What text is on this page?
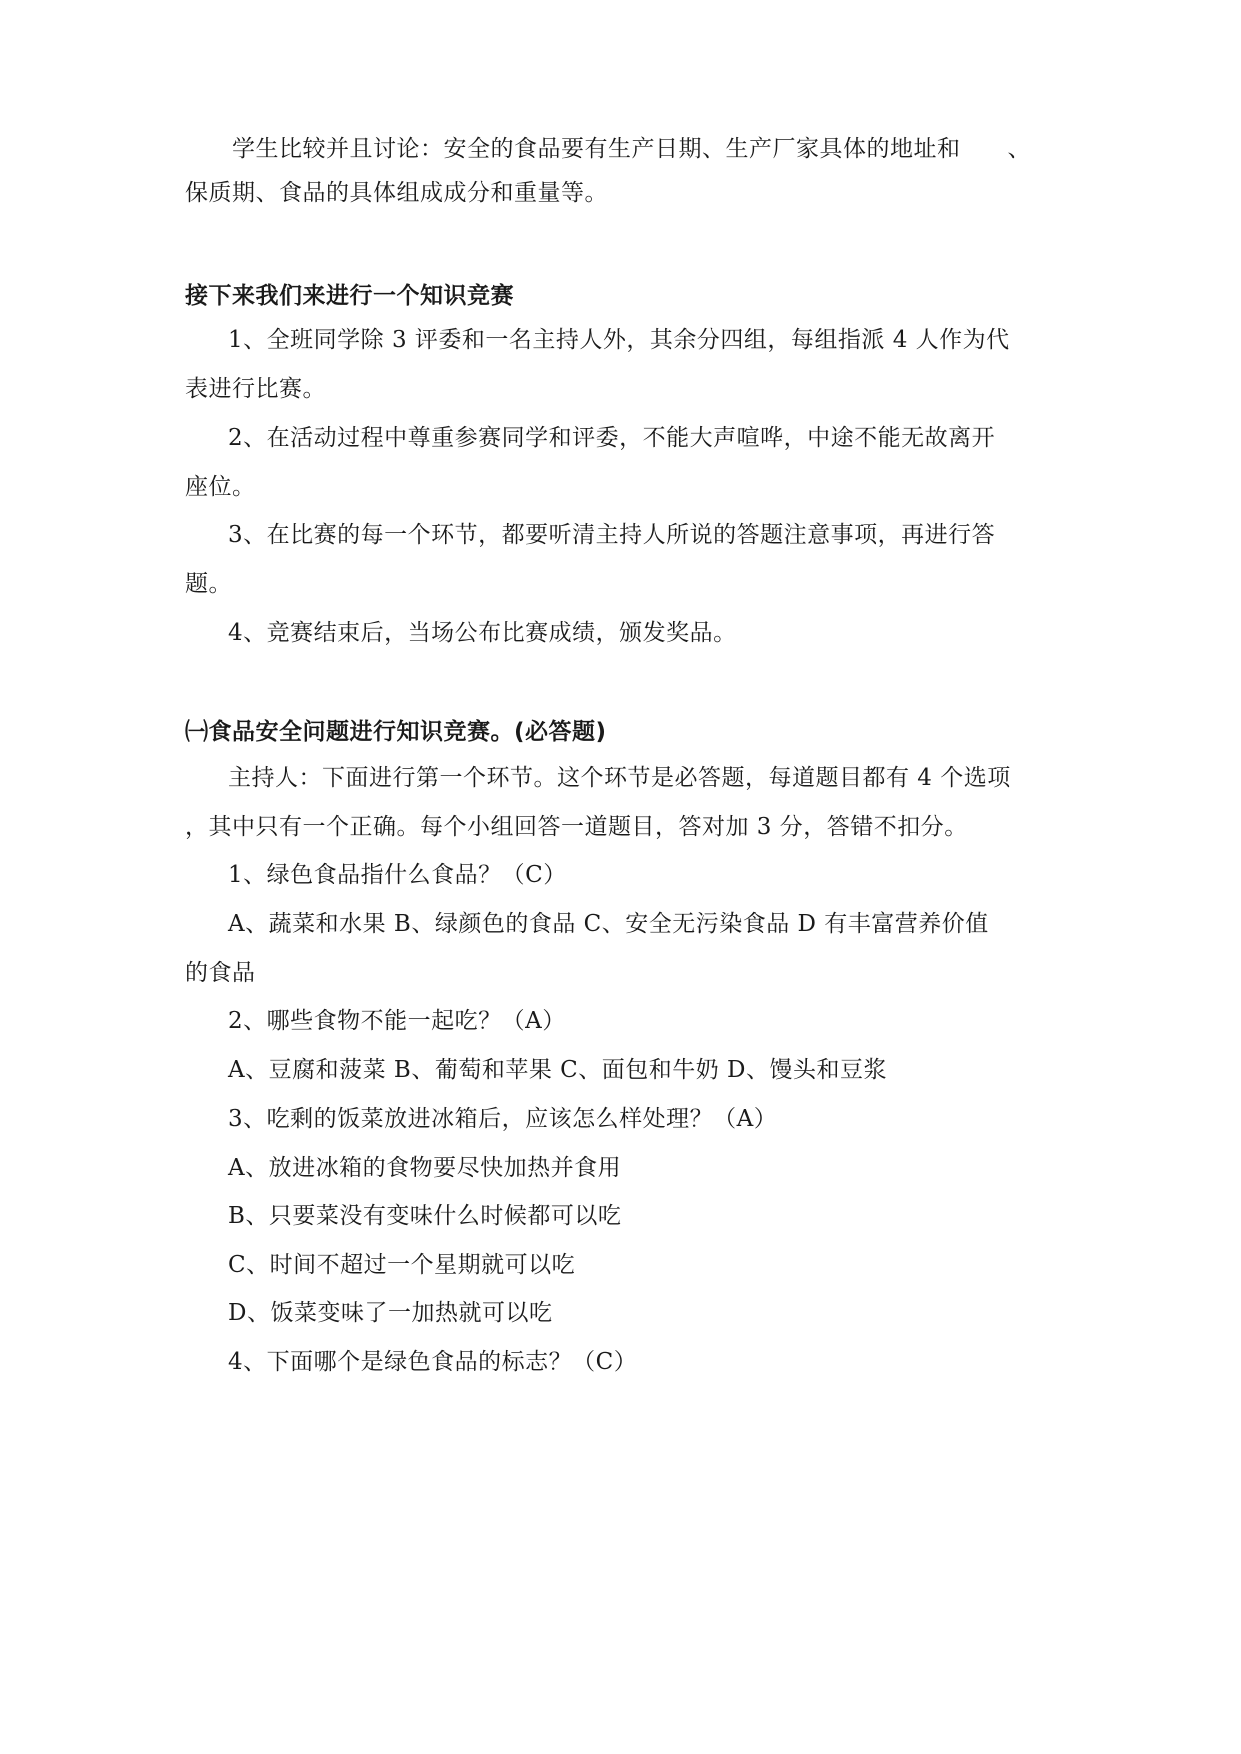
学生比较并且讨论：安全的食品要有生产日期、生产厂家具体的地址和　　、
保质期、食品的具体组成成分和重量等。
接下来我们来进行一个知识竞赛
1、全班同学除 3 评委和一名主持人外，其余分四组，每组指派 4 人作为代
表进行比赛。
2、在活动过程中尊重参赛同学和评委，不能大声喧哗，中途不能无故离开
座位。
3、在比赛的每一个环节，都要听清主持人所说的答题注意事项，再进行答
题。
4、竞赛结束后，当场公布比赛成绩，颁发奖品。
㈠食品安全问题进行知识竞赛。(必答题)
主持人：下面进行第一个环节。这个环节是必答题，每道题目都有 4 个选项
，其中只有一个正确。每个小组回答一道题目，答对加 3 分，答错不扣分。
1、绿色食品指什么食品？（C）
A、蔬菜和水果 B、绿颜色的食品 C、安全无污染食品 D 有丰富营养价值
的食品
2、哪些食物不能一起吃？（A）
A、豆腐和菠菜 B、葡萄和苹果 C、面包和牛奶 D、馒头和豆浆
3、吃剩的饭菜放进冰箱后，应该怎么样处理？（A）
A、放进冰箱的食物要尽快加热并食用
B、只要菜没有变味什么时候都可以吃
C、时间不超过一个星期就可以吃
D、饭菜变味了一加热就可以吃
4、下面哪个是绿色食品的标志？（C）
